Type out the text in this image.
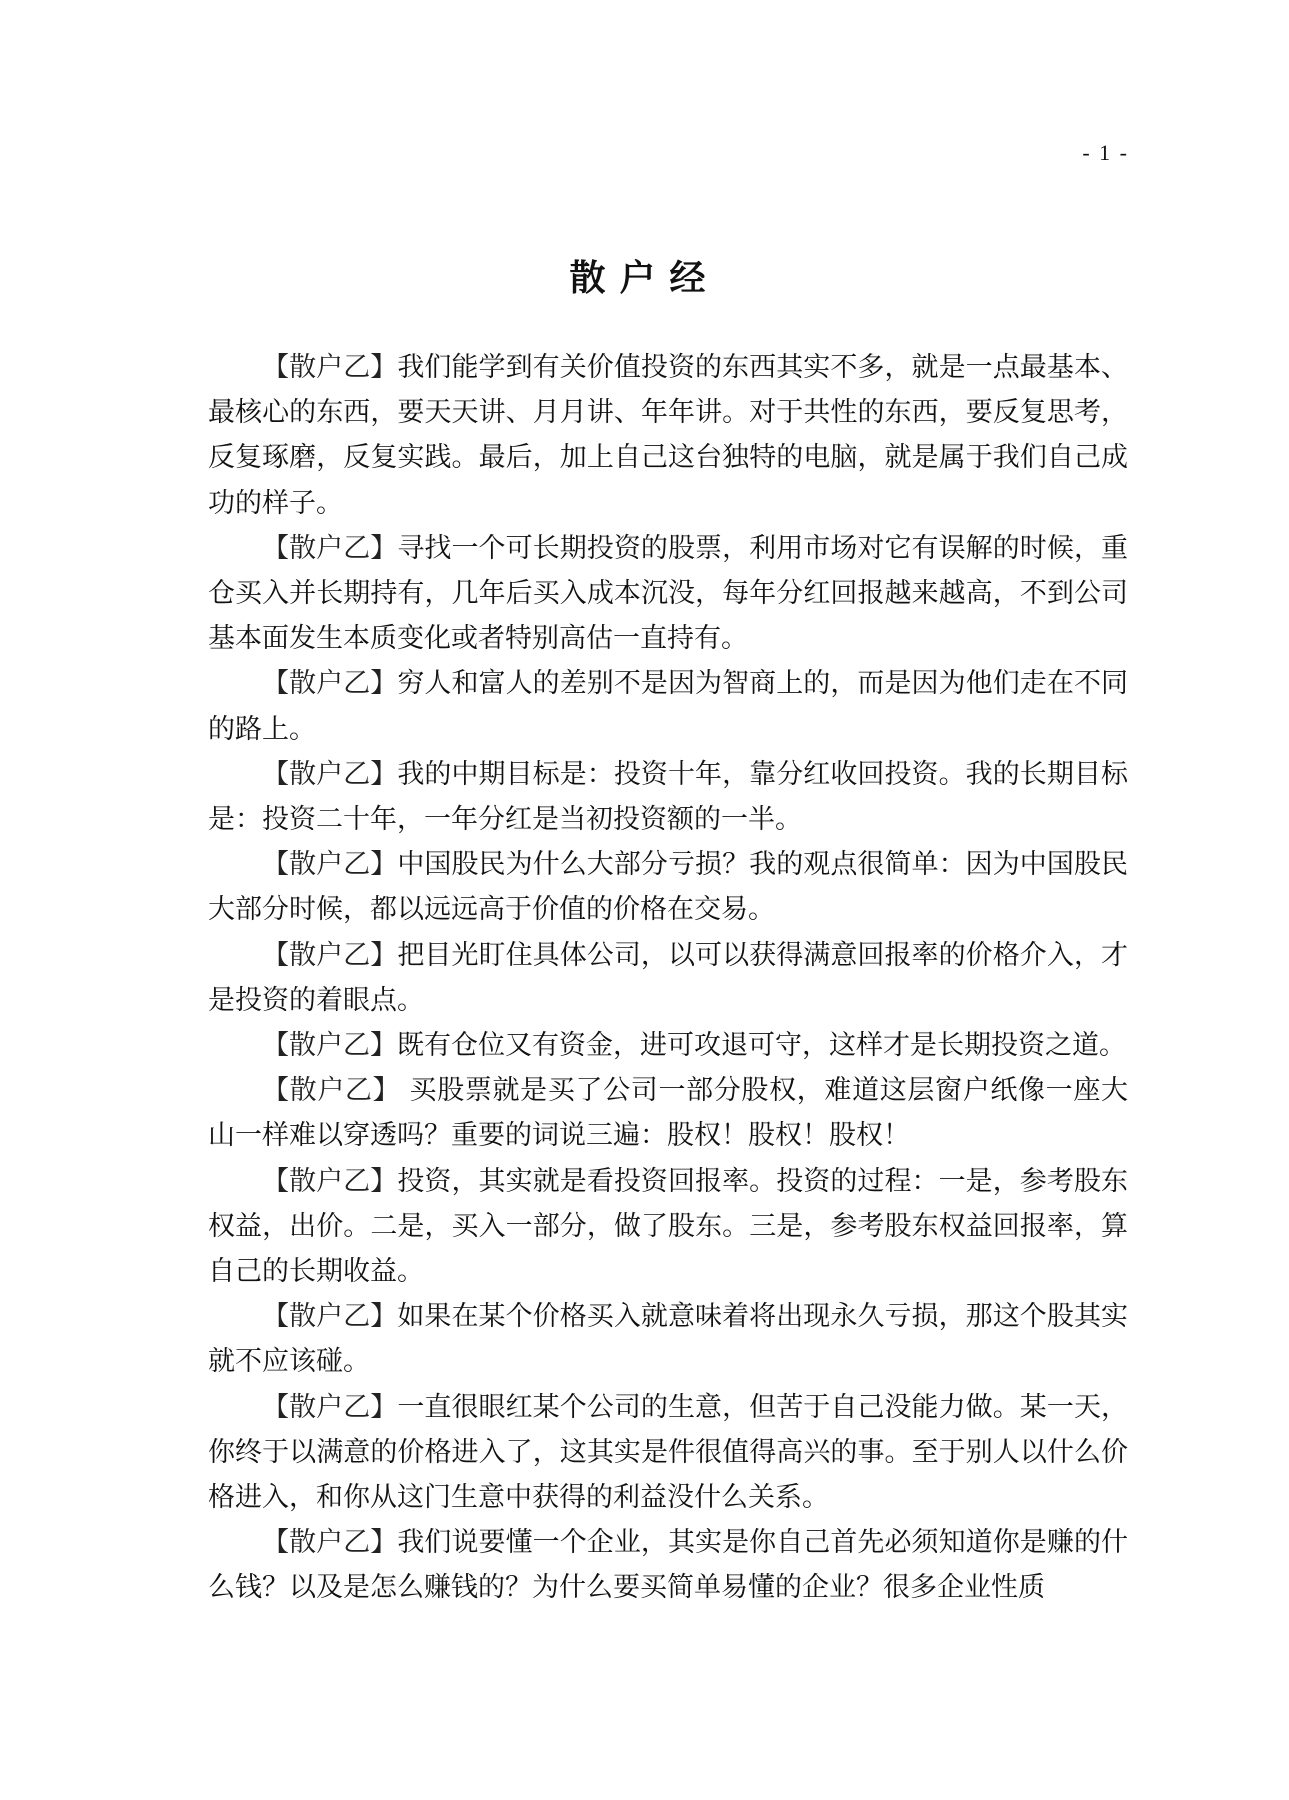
- 1 -
散户经

【散户乙】我们能学到有关价值投资的东西其实不多，就是一点最基本、最核心的东西，要天天讲、月月讲、年年讲。对于共性的东西，要反复思考，反复琢磨，反复实践。最后，加上自己这台独特的电脑，就是属于我们自己成功的样子。

【散户乙】寻找一个可长期投资的股票，利用市场对它有误解的时候，重仓买入并长期持有，几年后买入成本沉没，每年分红回报越来越高，不到公司基本面发生本质变化或者特别高估一直持有。

【散户乙】穷人和富人的差别不是因为智商上的，而是因为他们走在不同的路上。

【散户乙】我的中期目标是：投资十年，靠分红收回投资。我的长期目标是：投资二十年，一年分红是当初投资额的一半。

【散户乙】中国股民为什么大部分亏损？我的观点很简单：因为中国股民大部分时候，都以远远高于价值的价格在交易。

【散户乙】把目光盯住具体公司，以可以获得满意回报率的价格介入，才是投资的着眼点。

【散户乙】既有仓位又有资金，进可攻退可守，这样才是长期投资之道。

【散户乙】 买股票就是买了公司一部分股权，难道这层窗户纸像一座大山一样难以穿透吗？重要的词说三遍：股权！股权！股权！

【散户乙】投资，其实就是看投资回报率。投资的过程：一是，参考股东权益，出价。二是，买入一部分，做了股东。三是，参考股东权益回报率，算自己的长期收益。

【散户乙】如果在某个价格买入就意味着将出现永久亏损，那这个股其实就不应该碰。

【散户乙】一直很眼红某个公司的生意，但苦于自己没能力做。某一天，你终于以满意的价格进入了，这其实是件很值得高兴的事。至于别人以什么价格进入，和你从这门生意中获得的利益没什么关系。

【散户乙】我们说要懂一个企业，其实是你自己首先必须知道你是赚的什么钱？以及是怎么赚钱的？为什么要买简单易懂的企业？很多企业性质
